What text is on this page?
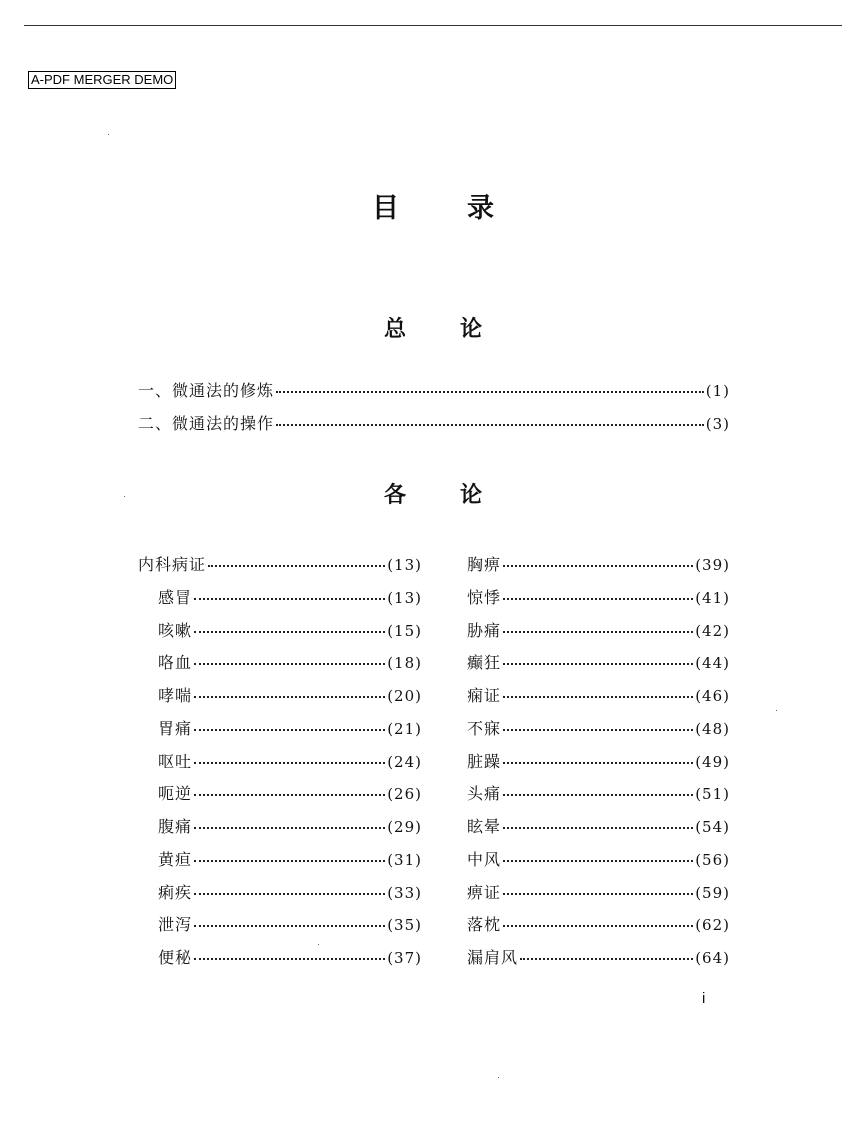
A-PDF MERGER DEMO
目	录
总 论
一、微通法的修炼	(1)
二、微通法的操作	(3)
各 论
内科病证	(13)
感冒	(13)
咳嗽	(15)
咯血	(18)
哮喘	(20)
胃痛	(21)
呕吐	(24)
呃逆	(26)
腹痛	(29)
黄疸	(31)
痢疾	(33)
泄泻	(35)
便秘	(37)
胸痹	(39)
惊悸	(41)
胁痛	(42)
癫狂	(44)
痫证	(46)
不寐	(48)
脏躁	(49)
头痛	(51)
眩晕	(54)
中风	(56)
痹证	(59)
落枕	(62)
漏肩风	(64)
i
